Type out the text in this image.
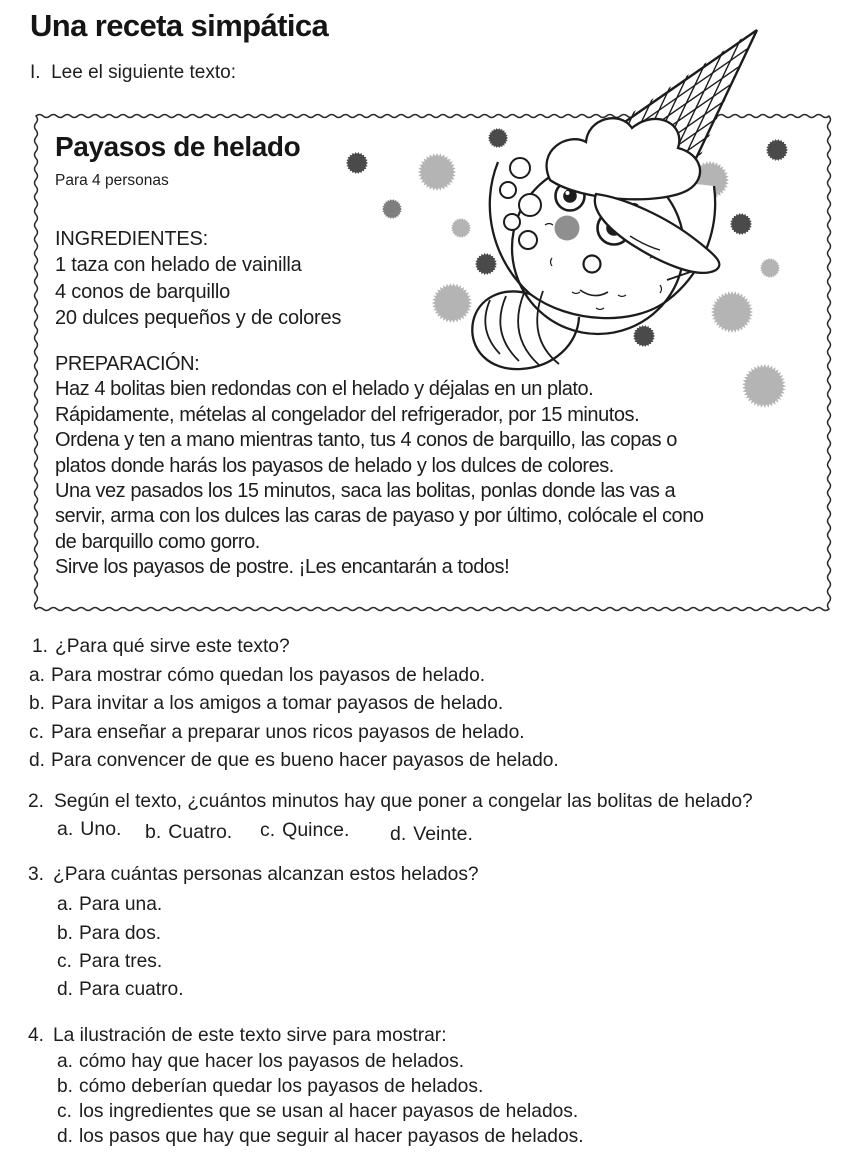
Una receta simpática
I.  Lee el siguiente texto:
Payasos de helado
Para 4 personas
INGREDIENTES:
1 taza con helado de vainilla
4 conos de barquillo
20 dulces pequeños y de colores
PREPARACIÓN:
Haz 4 bolitas bien redondas con el helado y déjalas en un plato.
Rápidamente, mételas al congelador del refrigerador, por 15 minutos.
Ordena y ten a mano mientras tanto, tus 4 conos de barquillo, las copas o
platos donde harás los payasos de helado y los dulces de colores.
Una vez pasados los 15 minutos, saca las bolitas, ponlas donde las vas a
servir, arma con los dulces las caras de payaso y por último, colócale el cono
de barquillo como gorro.
Sirve los payasos de postre. ¡Les encantarán a todos!
1. ¿Para qué sirve este texto?
a. Para mostrar cómo quedan los payasos de helado.
b. Para invitar a los amigos a tomar payasos de helado.
c. Para enseñar a preparar unos ricos payasos de helado.
d. Para convencer de que es bueno hacer payasos de helado.
2. Según el texto, ¿cuántos minutos hay que poner a congelar las bolitas de helado?
a. Uno. b. Cuatro. c. Quince. d. Veinte.
3. ¿Para cuántas personas alcanzan estos helados?
a. Para una.
b. Para dos.
c. Para tres.
d. Para cuatro.
4. La ilustración de este texto sirve para mostrar:
a. cómo hay que hacer los payasos de helados.
b. cómo deberían quedar los payasos de helados.
c. los ingredientes que se usan al hacer payasos de helados.
d. los pasos que hay que seguir al hacer payasos de helados.
